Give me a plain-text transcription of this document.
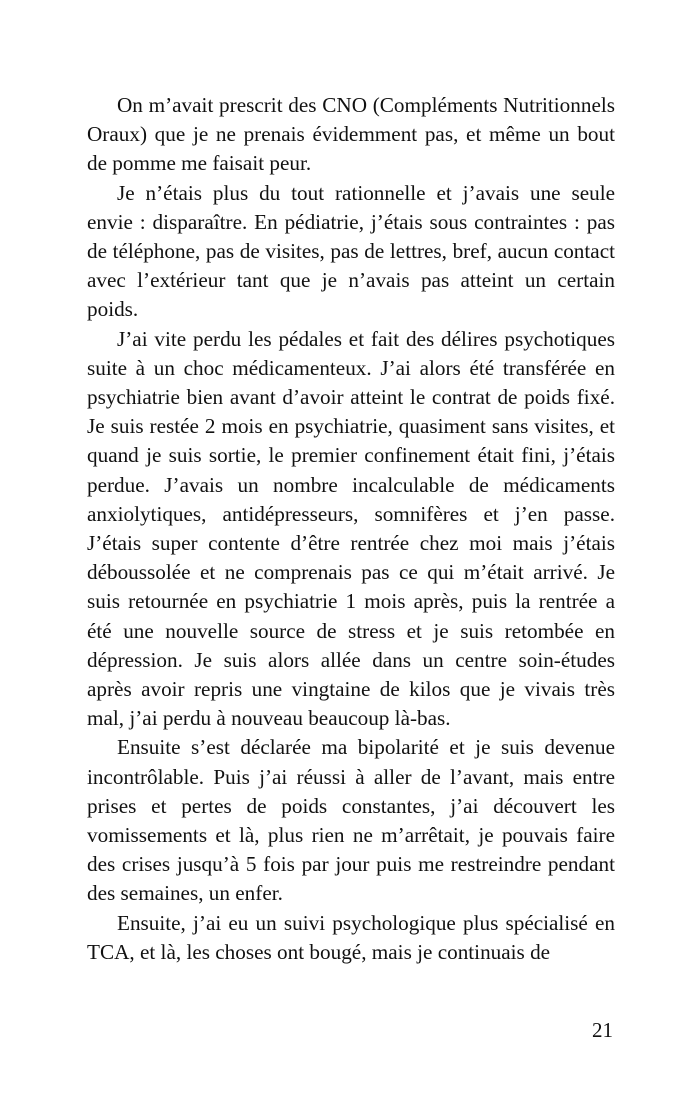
On m’avait prescrit des CNO (Compléments Nutritionnels Oraux) que je ne prenais évidemment pas, et même un bout de pomme me faisait peur.

Je n’étais plus du tout rationnelle et j’avais une seule envie : disparaître. En pédiatrie, j’étais sous contraintes : pas de téléphone, pas de visites, pas de lettres, bref, aucun contact avec l’extérieur tant que je n’avais pas atteint un certain poids.

J’ai vite perdu les pédales et fait des délires psychotiques suite à un choc médicamenteux. J’ai alors été transférée en psychiatrie bien avant d’avoir atteint le contrat de poids fixé. Je suis restée 2 mois en psychiatrie, quasiment sans visites, et quand je suis sortie, le premier confinement était fini, j’étais perdue. J’avais un nombre incalculable de médicaments anxiolytiques, antidépresseurs, somnifères et j’en passe. J’étais super contente d’être rentrée chez moi mais j’étais déboussolée et ne comprenais pas ce qui m’était arrivé. Je suis retournée en psychiatrie 1 mois après, puis la rentrée a été une nouvelle source de stress et je suis retombée en dépression. Je suis alors allée dans un centre soin-études après avoir repris une vingtaine de kilos que je vivais très mal, j’ai perdu à nouveau beaucoup là-bas.

Ensuite s’est déclarée ma bipolarité et je suis devenue incontrôlable. Puis j’ai réussi à aller de l’avant, mais entre prises et pertes de poids constantes, j’ai découvert les vomissements et là, plus rien ne m’arrêtait, je pouvais faire des crises jusqu’à 5 fois par jour puis me restreindre pendant des semaines, un enfer.

Ensuite, j’ai eu un suivi psychologique plus spécialisé en TCA, et là, les choses ont bougé, mais je continuais de

21
